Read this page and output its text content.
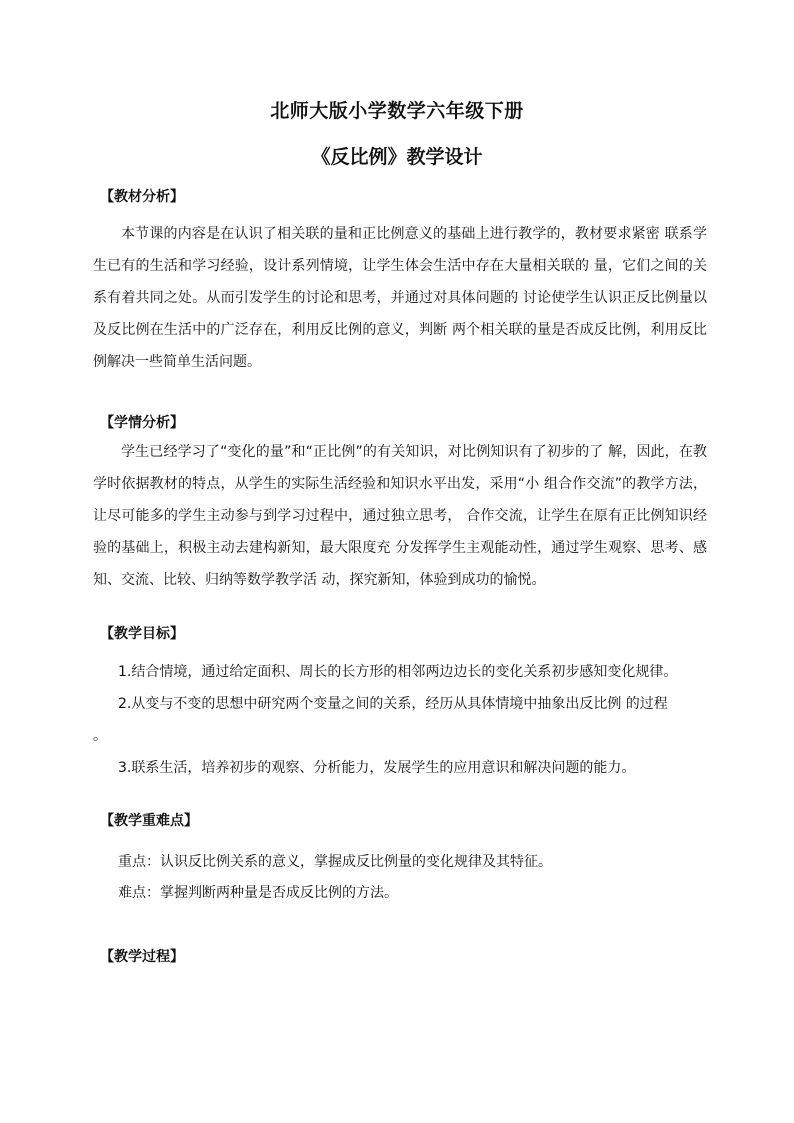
北师大版小学数学六年级下册
《反比例》教学设计
【教材分析】

本节课的内容是在认识了相关联的量和正比例意义的基础上进行教学的，教材要求紧密 联系学生已有的生活和学习经验，设计系列情境，让学生体会生活中存在大量相关联的 量，它们之间的关系有着共同之处。从而引发学生的讨论和思考，并通过对具体问题的 讨论使学生认识正反比例量以及反比例在生活中的广泛存在，利用反比例的意义，判断 两个相关联的量是否成反比例，利用反比例解决一些简单生活问题。

【学情分析】

学生已经学习了“变化的量”和“正比例”的有关知识，对比例知识有了初步的了 解，因此，在教学时依据教材的特点，从学生的实际生活经验和知识水平出发，采用“小 组合作交流”的教学方法，让尽可能多的学生主动参与到学习过程中，通过独立思考， 合作交流，让学生在原有正比例知识经验的基础上，积极主动去建构新知，最大限度充 分发挥学生主观能动性，通过学生观察、思考、感知、交流、比较、归纳等数学教学活 动，探究新知，体验到成功的愉悦。

【教学目标】

1.结合情境，通过给定面积、周长的长方形的相邻两边边长的变化关系初步感知变化规律。

2.从变与不变的思想中研究两个变量之间的关系，经历从具体情境中抽象出反比例 的过程

。

3.联系生活，培养初步的观察、分析能力，发展学生的应用意识和解决问题的能力。

【教学重难点】

重点：认识反比例关系的意义，掌握成反比例量的变化规律及其特征。

难点：掌握判断两种量是否成反比例的方法。

【教学过程】
